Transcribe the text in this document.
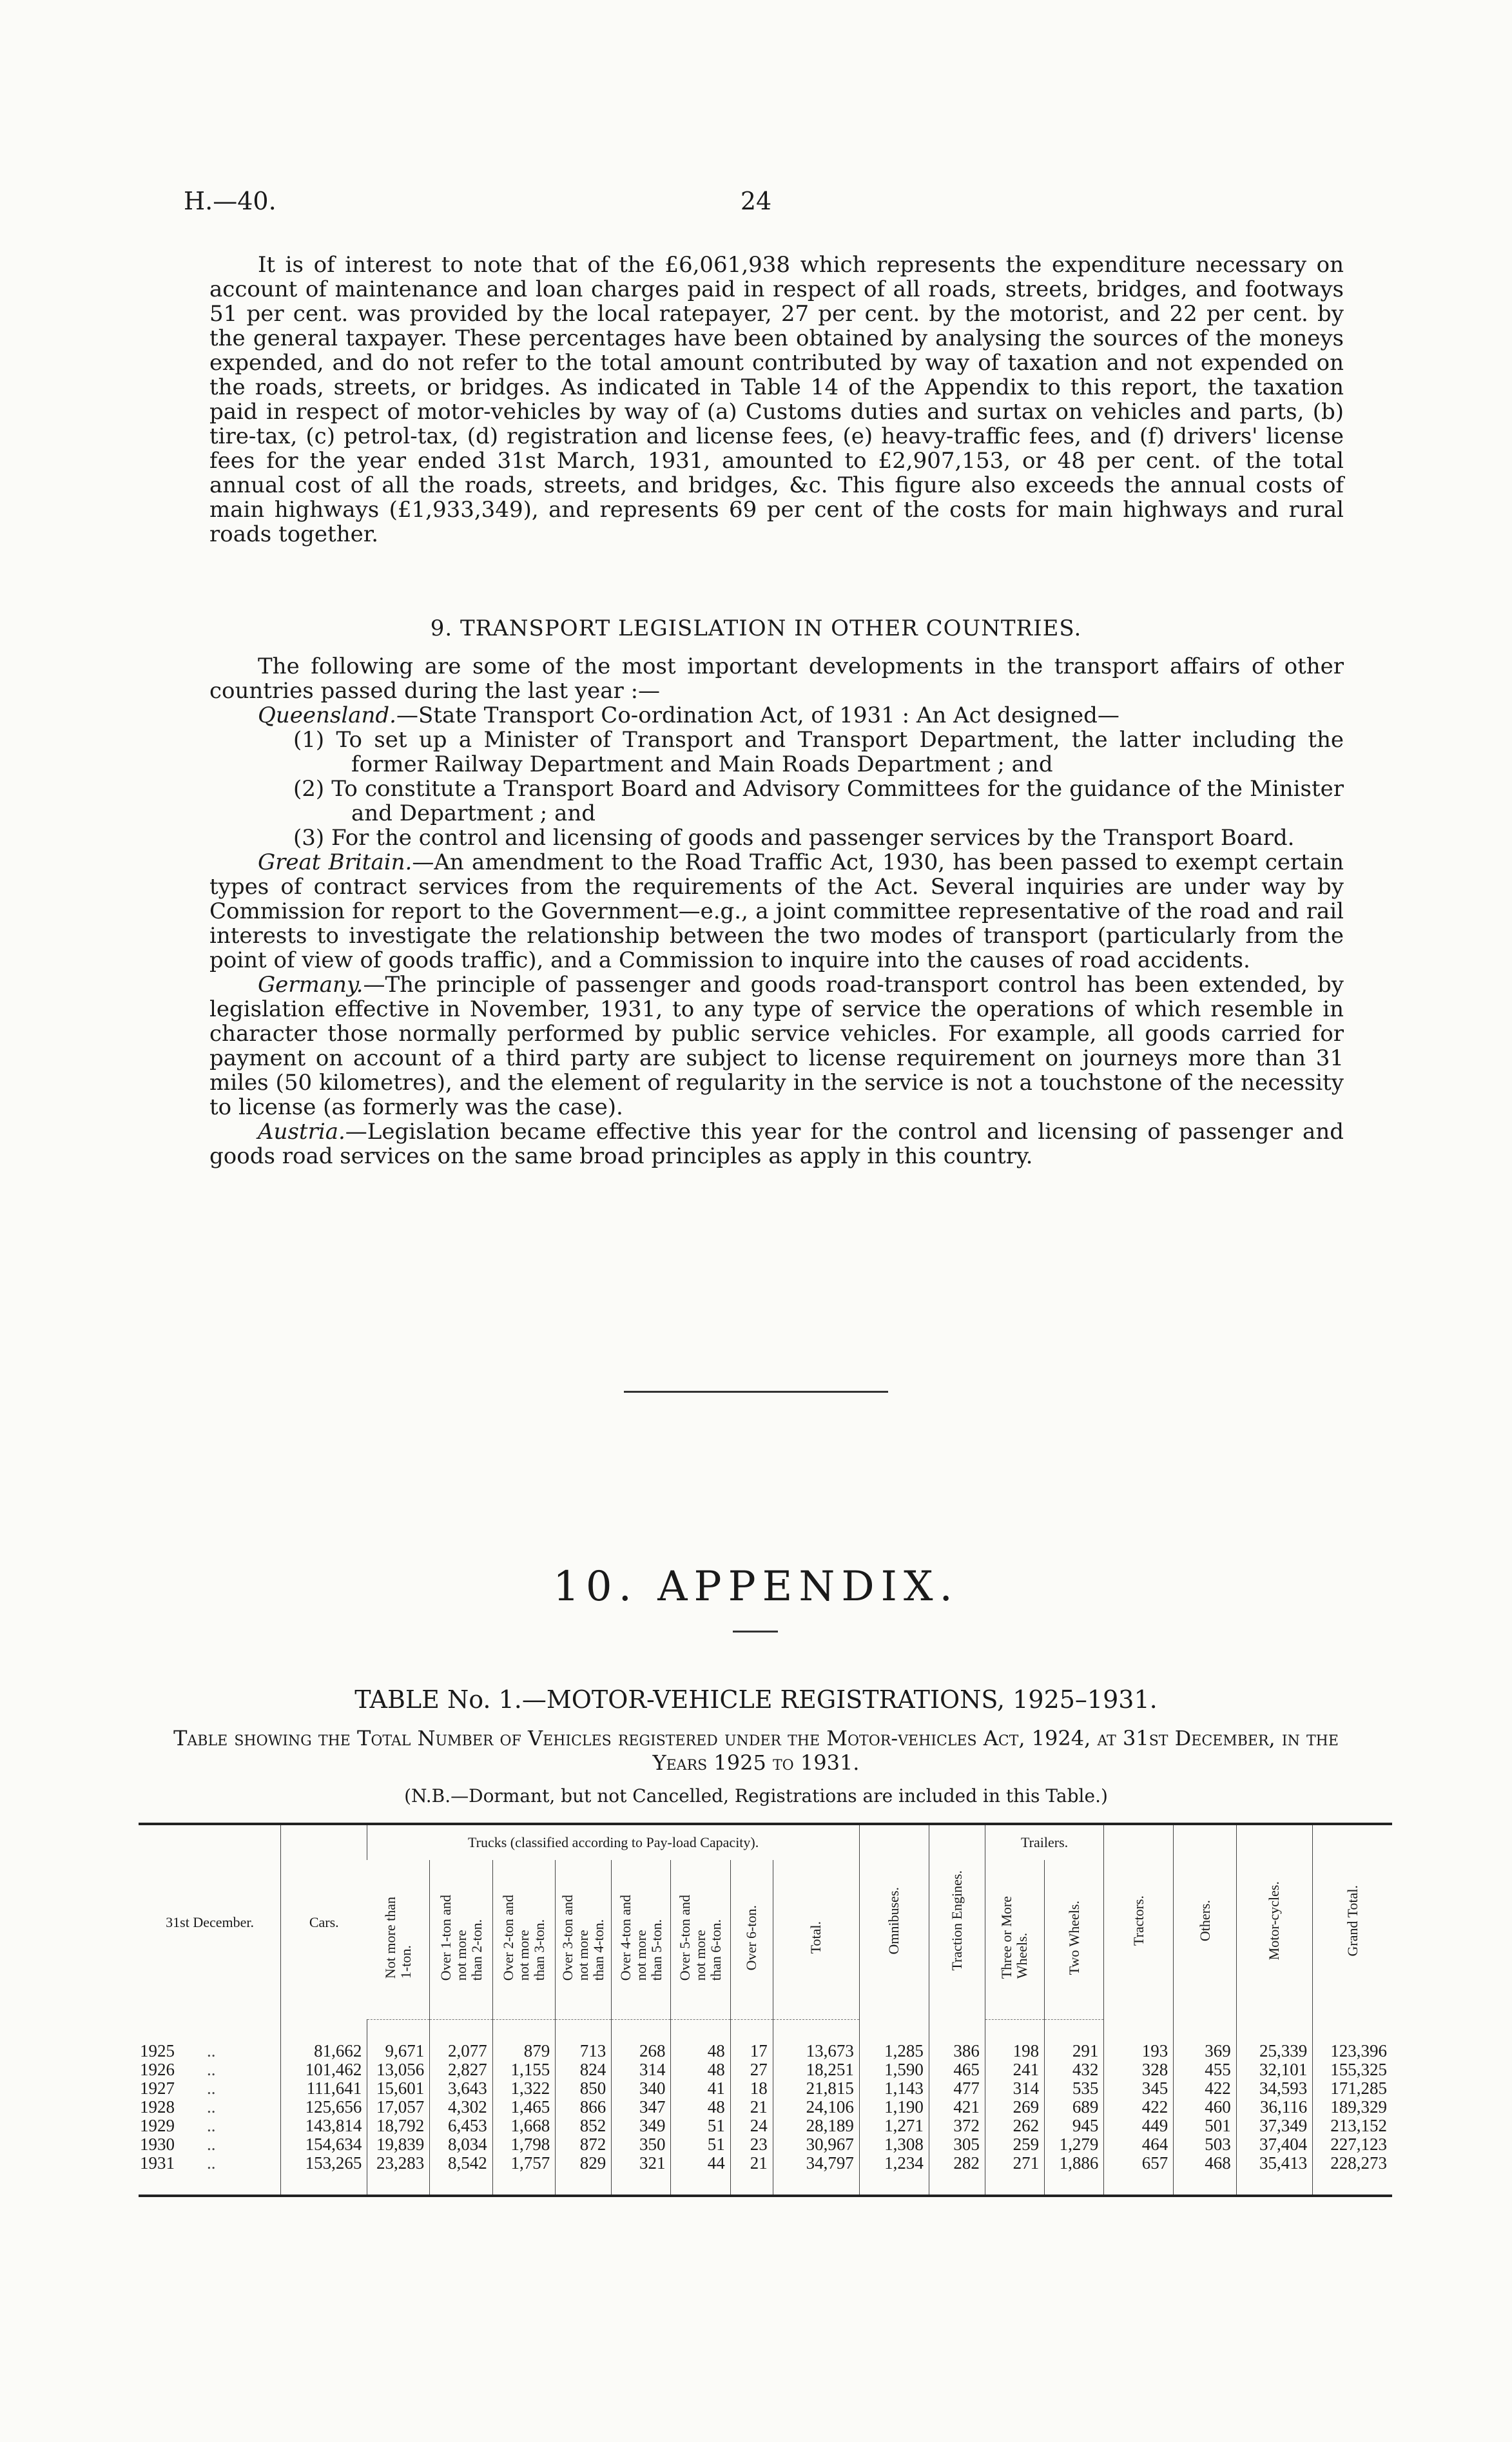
H.—40.	24

It is of interest to note that of the £6,061,938 which represents the expenditure necessary on account of maintenance and loan charges paid in respect of all roads, streets, bridges, and footways 51 per cent. was provided by the local ratepayer, 27 per cent. by the motorist, and 22 per cent. by the general taxpayer. These percentages have been obtained by analysing the sources of the moneys expended, and do not refer to the total amount contributed by way of taxation and not expended on the roads, streets, or bridges. As indicated in Table 14 of the Appendix to this report, the taxation paid in respect of motor-vehicles by way of (a) Customs duties and surtax on vehicles and parts, (b) tire-tax, (c) petrol-tax, (d) registration and license fees, (e) heavy-traffic fees, and (f) drivers' license fees for the year ended 31st March, 1931, amounted to £2,907,153, or 48 per cent. of the total annual cost of all the roads, streets, and bridges, &c. This figure also exceeds the annual costs of main highways (£1,933,349), and represents 69 per cent of the costs for main highways and rural roads together.

9. TRANSPORT LEGISLATION IN OTHER COUNTRIES.

The following are some of the most important developments in the transport affairs of other countries passed during the last year :—

Queensland.—State Transport Co-ordination Act, of 1931 : An Act designed—

(1) To set up a Minister of Transport and Transport Department, the latter including the former Railway Department and Main Roads Department ; and

(2) To constitute a Transport Board and Advisory Committees for the guidance of the Minister and Department ; and

(3) For the control and licensing of goods and passenger services by the Transport Board.

Great Britain.—An amendment to the Road Traffic Act, 1930, has been passed to exempt certain types of contract services from the requirements of the Act. Several inquiries are under way by Commission for report to the Government—e.g., a joint committee representative of the road and rail interests to investigate the relationship between the two modes of transport (particularly from the point of view of goods traffic), and a Commission to inquire into the causes of road accidents.

Germany.—The principle of passenger and goods road-transport control has been extended, by legislation effective in November, 1931, to any type of service the operations of which resemble in character those normally performed by public service vehicles. For example, all goods carried for payment on account of a third party are subject to license requirement on journeys more than 31 miles (50 kilometres), and the element of regularity in the service is not a touchstone of the necessity to license (as formerly was the case).

Austria.—Legislation became effective this year for the control and licensing of passenger and goods road services on the same broad principles as apply in this country.

10. APPENDIX.
TABLE No. 1.—MOTOR-VEHICLE REGISTRATIONS, 1925–1931.
Table showing the Total Number of Vehicles registered under the Motor-vehicles Act, 1924, at 31st December, in the Years 1925 to 1931.
(N.B.—Dormant, but not Cancelled, Registrations are included in this Table.)
31st December.	Cars.	Trucks (classified according to Pay-load Capacity).								Omnibuses.	Traction Engines.	Trailers.		Tractors.	Others.	Motor-cycles.	Grand Total.
		Not more than
1-ton.	Over 1-ton and
not more
than 2-ton.	Over 2-ton and
not more
than 3-ton.	Over 3-ton and
not more
than 4-ton.	Over 4-ton and
not more
than 5-ton.	Over 5-ton and
not more
than 6-ton.	Over 6-ton.	Total.			Three or More
Wheels.	Two Wheels.				
1925 ..	81,662	9,671	2,077	879	713	268	48	17	13,673	1,285	386	198	291	193	369	25,339	123,396
1926 ..	101,462	13,056	2,827	1,155	824	314	48	27	18,251	1,590	465	241	432	328	455	32,101	155,325
1927 ..	111,641	15,601	3,643	1,322	850	340	41	18	21,815	1,143	477	314	535	345	422	34,593	171,285
1928 ..	125,656	17,057	4,302	1,465	866	347	48	21	24,106	1,190	421	269	689	422	460	36,116	189,329
1929 ..	143,814	18,792	6,453	1,668	852	349	51	24	28,189	1,271	372	262	945	449	501	37,349	213,152
1930 ..	154,634	19,839	8,034	1,798	872	350	51	23	30,967	1,308	305	259	1,279	464	503	37,404	227,123
1931 ..	153,265	23,283	8,542	1,757	829	321	44	21	34,797	1,234	282	271	1,886	657	468	35,413	228,273
